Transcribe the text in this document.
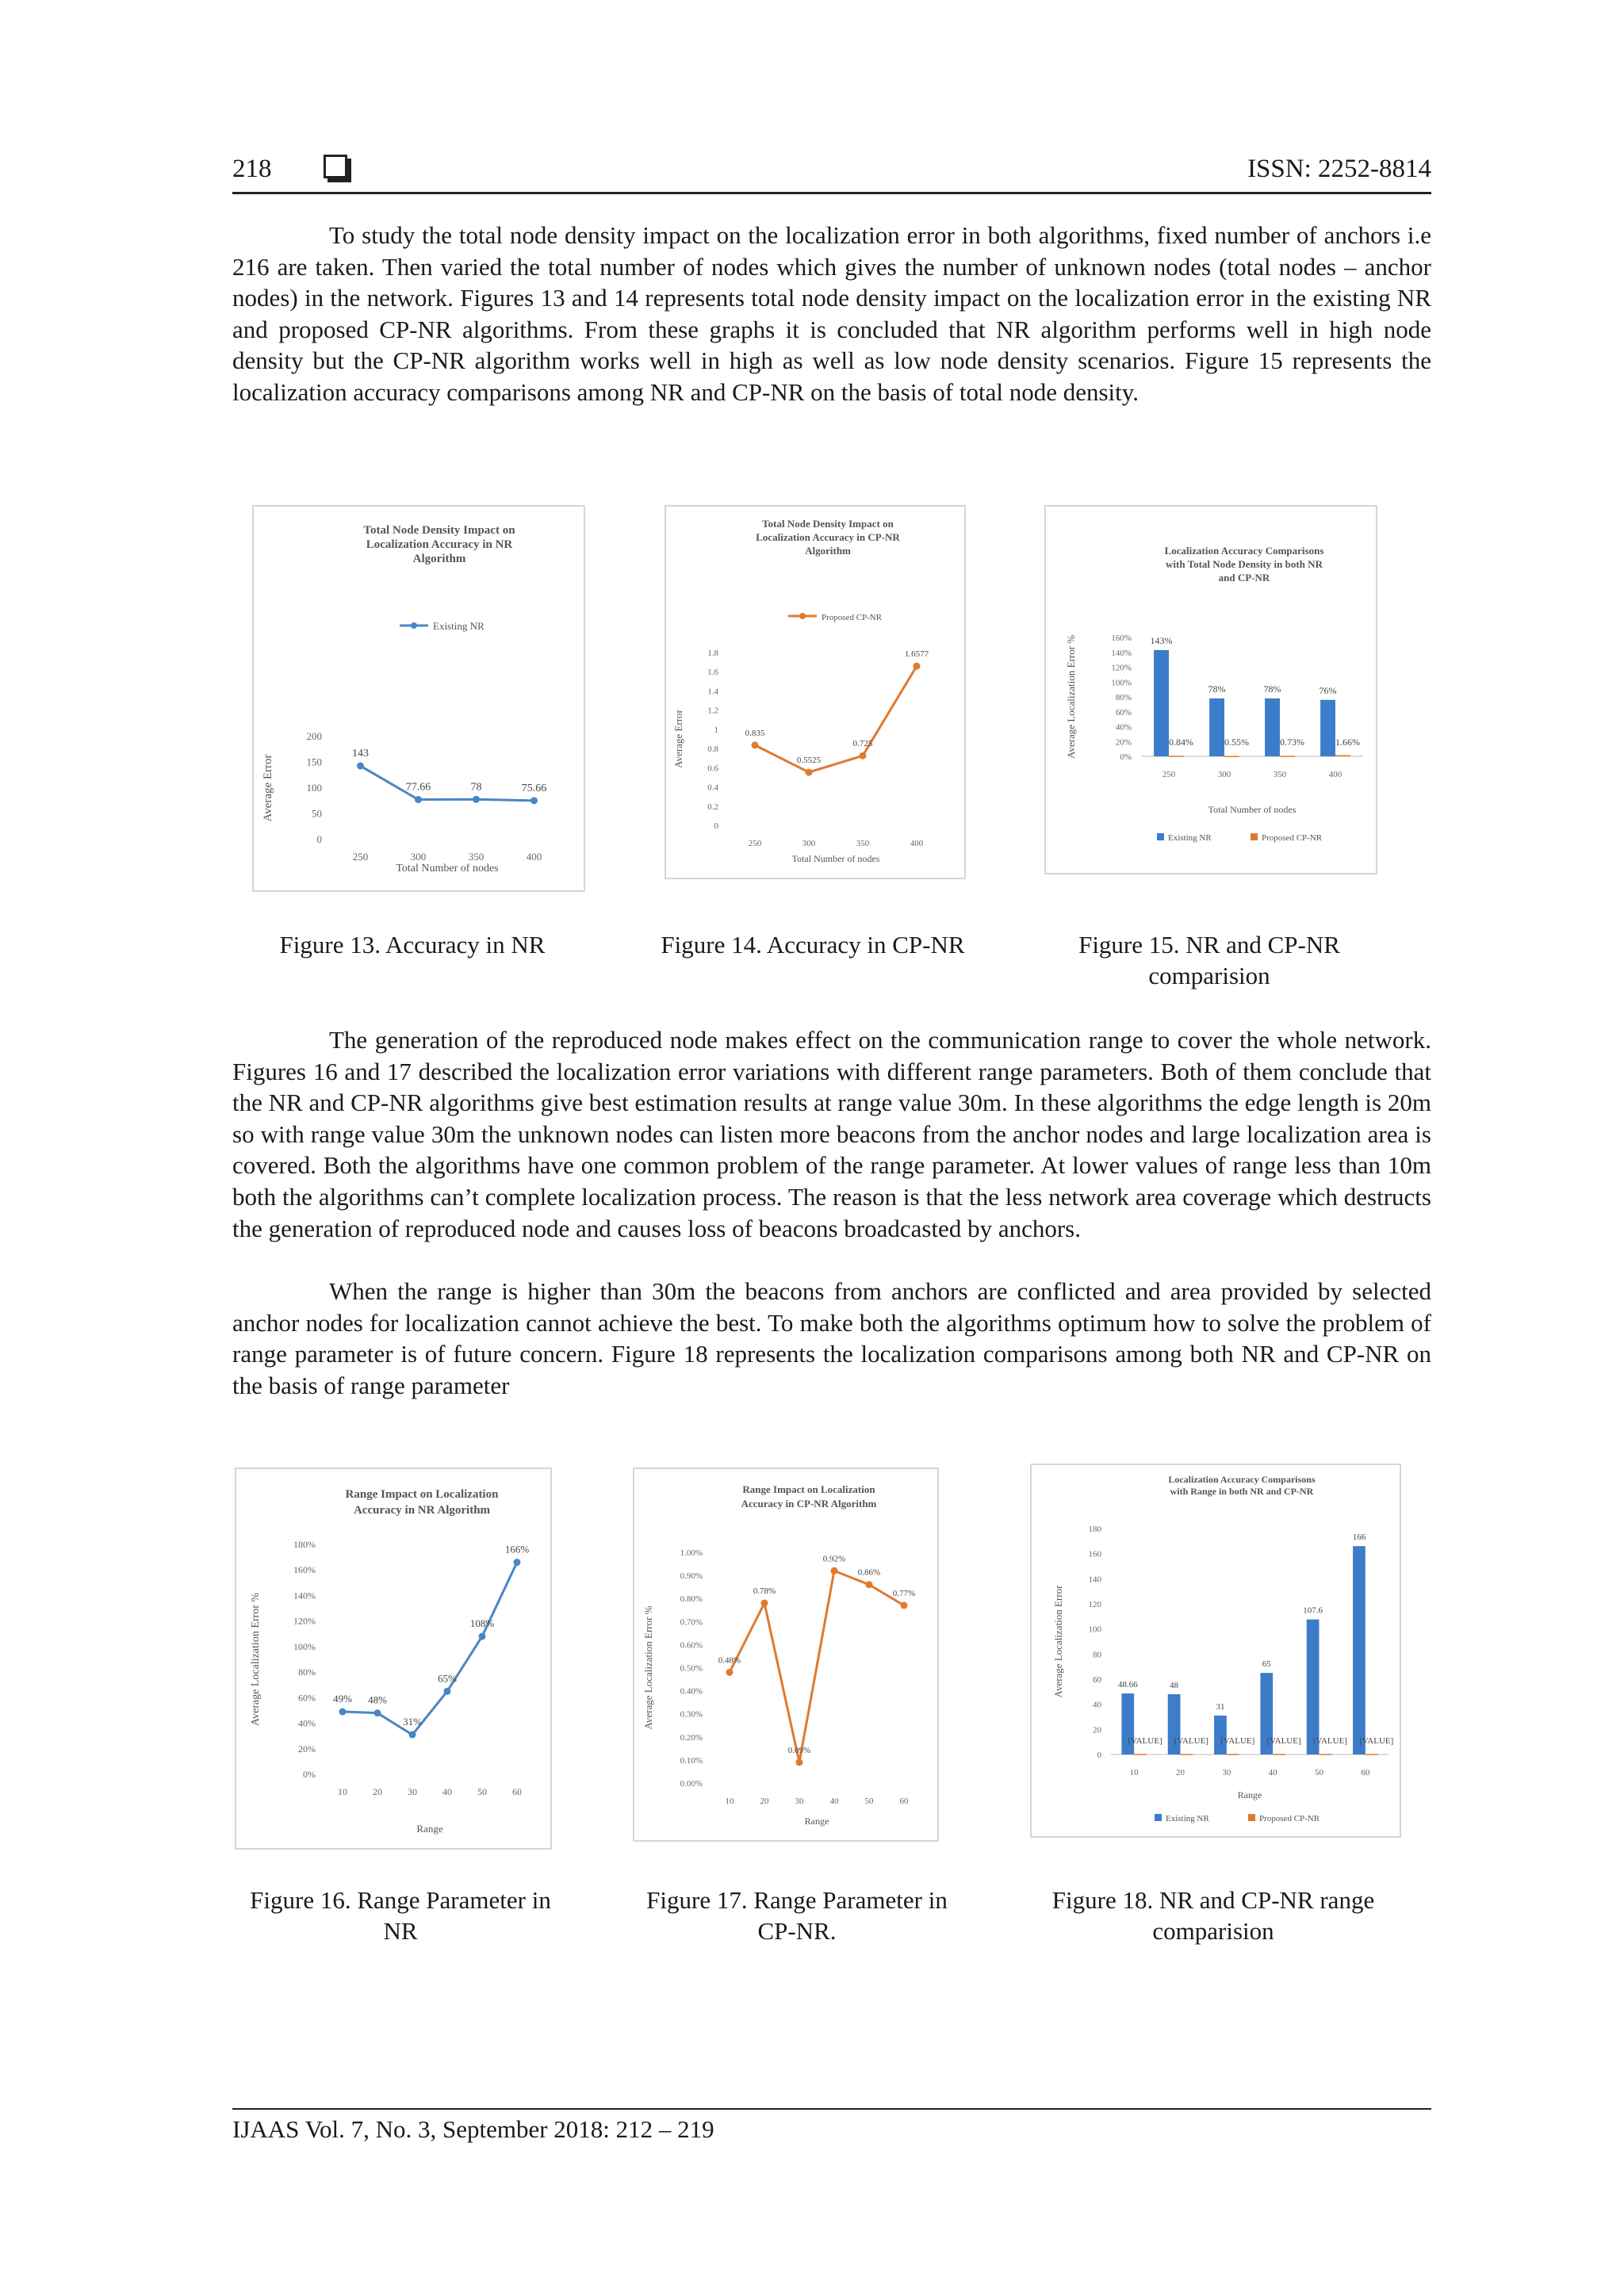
218	ISSN: 2252-8814

To study the total node density impact on the localization error in both algorithms, fixed number of anchors i.e 216 are taken. Then varied the total number of nodes which gives the number of unknown nodes (total nodes – anchor nodes) in the network. Figures 13 and 14 represents total node density impact on the localization error in the existing NR and proposed CP-NR algorithms. From these graphs it is concluded that NR algorithm performs well in high node density but the CP-NR algorithm works well in high as well as low node density scenarios. Figure 15 represents the localization accuracy comparisons among NR and CP-NR on the basis of total node density.

Total Node Density Impact on
Localization Accuracy in NR
Algorithm
0
50
100
150
200
250	300	350	400
Average Error
Total Number of nodes
143
77.66	78	75.66
Existing NR
Total Node Density Impact on
Localization Accuracy in CP-NR
Algorithm
0
0.2
0.4
0.6
0.8
1
1.2
1.4
1.6
1.8
250	300	350	400
Average Error
Total Number of nodes
0.835
0.5525
0.725
1.6577
Proposed CP-NR
Localization Accuracy Comparisons
with Total Node Density in both NR
and CP-NR
0%
20%
40%
60%
80%
100%
120%
140%
160%
250	300	350	400
Average Localization Error %
Total Number of nodes
143%
78%	78%	76%
0.84%	0.55%	0.73%	1.66%
Existing NR	Proposed CP-NR
Figure 13. Accuracy in NR	Figure 14. Accuracy in CP-NR	Figure 15. NR and CP-NR
comparision

The generation of the reproduced node makes effect on the communication range to cover the whole network. Figures 16 and 17 described the localization error variations with different range parameters. Both of them conclude that the NR and CP-NR algorithms give best estimation results at range value 30m. In these algorithms the edge length is 20m so with range value 30m the unknown nodes can listen more beacons from the anchor nodes and large localization area is covered. Both the algorithms have one common problem of the range parameter. At lower values of range less than 10m both the algorithms can’t complete localization process. The reason is that the less network area coverage which destructs the generation of reproduced node and causes loss of beacons broadcasted by anchors.

When the range is higher than 30m the beacons from anchors are conflicted and area provided by selected anchor nodes for localization cannot achieve the best. To make both the algorithms optimum how to solve the problem of range parameter is of future concern. Figure 18 represents the localization comparisons among both NR and CP-NR on the basis of range parameter

Range Impact on Localization
Accuracy in NR Algorithm
0%
20%
40%
60%
80%
100%
120%
140%
160%
180%
10	20	30	40	50	60
Average Localization Error %
Range
49% 48%
31%
65%
108%
166%
Range Impact on Localization
Accuracy in CP-NR Algorithm
0.00%
0.10%
0.20%
0.30%
0.40%
0.50%
0.60%
0.70%
0.80%
0.90%
1.00%
10	20	30	40	50	60
Average Localization Error %
Range
0.48%
0.78%
0.09%
0.92%
0.86%
0.77%
Localization Accuracy Comparisons
with Range in both NR and CP-NR
0
20
40
60
80
100
120
140
160
180
10	20	30	40	50	60
Average Localization Error
Range
48.66	48
31
65
107.6
166
[VALUE] [VALUE] [VALUE] [VALUE] [VALUE] [VALUE]
Existing NR	Proposed CP-NR
Figure 16. Range Parameter in
NR
Figure 17. Range Parameter in
CP-NR.
Figure 18. NR and CP-NR range
comparision
IJAAS Vol. 7, No. 3, September 2018: 212 – 219
